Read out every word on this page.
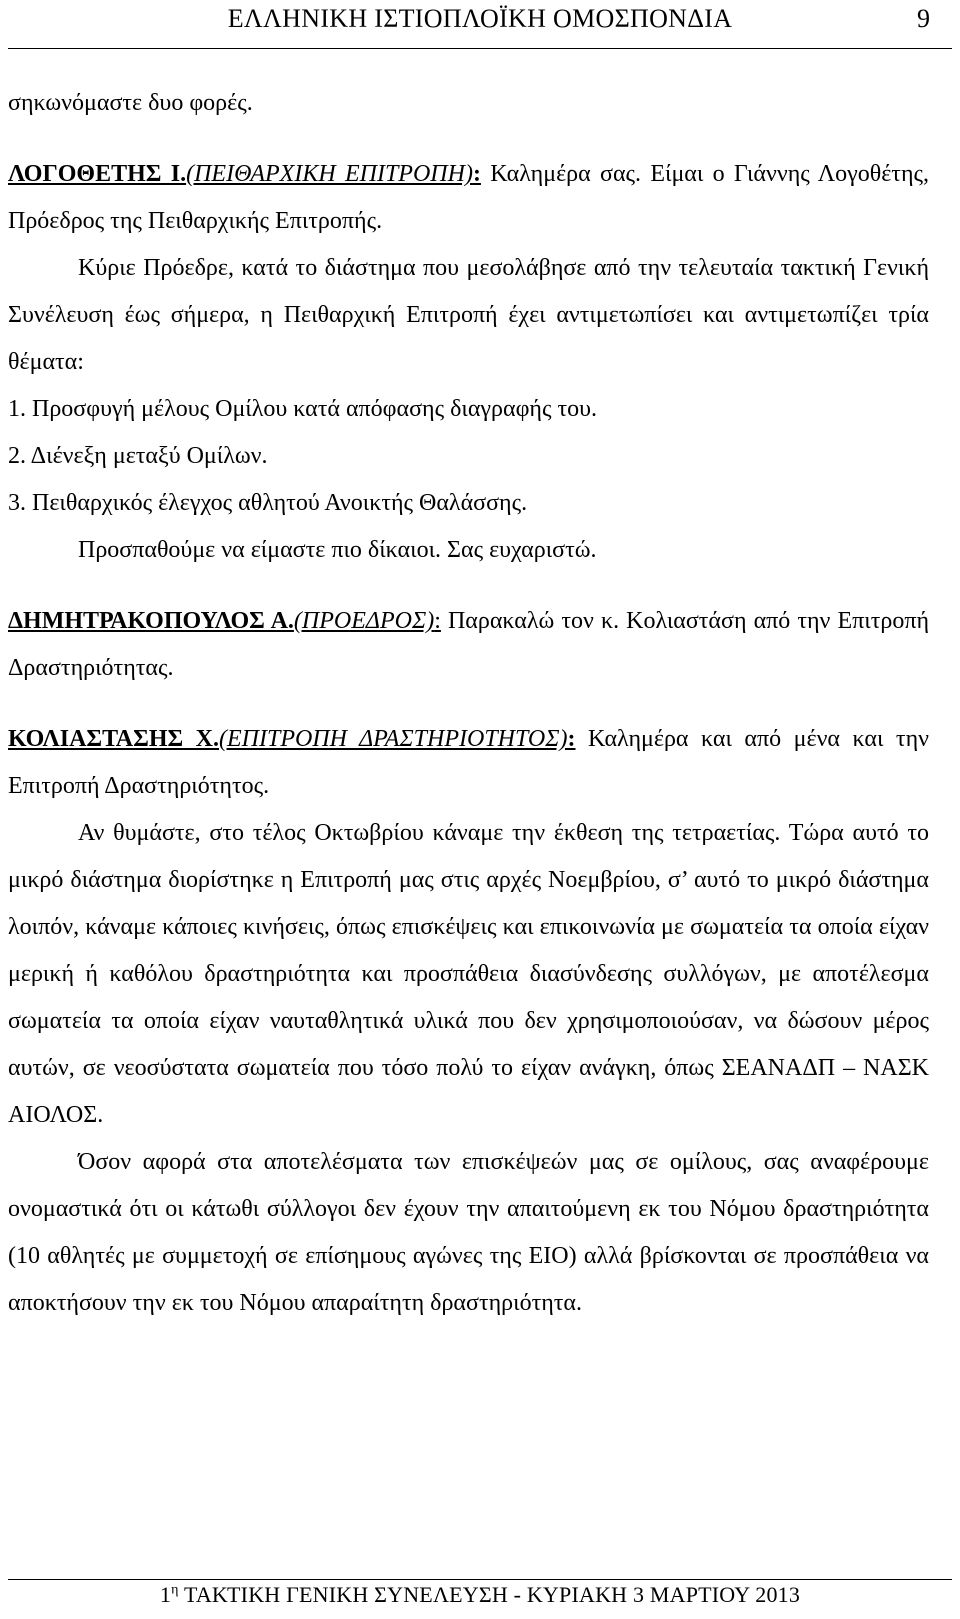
ΕΛΛΗΝΙΚΗ ΙΣΤΙΟΠΛΟΪΚΗ ΟΜΟΣΠΟΝΔΙΑ	9

σηκωνόμαστε δυο φορές.

ΛΟΓΟΘΕΤΗΣ Ι.(ΠΕΙΘΑΡΧΙΚΗ ΕΠΙΤΡΟΠΗ): Καλημέρα σας. Είμαι ο Γιάννης Λογοθέτης, Πρόεδρος της Πειθαρχικής Επιτροπής.

Κύριε Πρόεδρε, κατά το διάστημα που μεσολάβησε από την τελευταία τακτική Γενική Συνέλευση έως σήμερα, η Πειθαρχική Επιτροπή έχει αντιμετωπίσει και αντιμετωπίζει τρία θέματα:

1. Προσφυγή μέλους Ομίλου κατά απόφασης διαγραφής του.

2. Διένεξη μεταξύ Ομίλων.

3. Πειθαρχικός έλεγχος αθλητού Ανοικτής Θαλάσσης.

Προσπαθούμε να είμαστε πιο δίκαιοι. Σας ευχαριστώ.

ΔΗΜΗΤΡΑΚΟΠΟΥΛΟΣ Α.(ΠΡΟΕΔΡΟΣ): Παρακαλώ τον κ. Κολιαστάση από την Επιτροπή Δραστηριότητας.

ΚΟΛΙΑΣΤΑΣΗΣ Χ.(ΕΠΙΤΡΟΠΗ ΔΡΑΣΤΗΡΙΟΤΗΤΟΣ): Καλημέρα και από μένα και την Επιτροπή Δραστηριότητος.

Αν θυμάστε, στο τέλος Οκτωβρίου κάναμε την έκθεση της τετραετίας. Τώρα αυτό το μικρό διάστημα διορίστηκε η Επιτροπή μας στις αρχές Νοεμβρίου, σ’ αυτό το μικρό διάστημα λοιπόν, κάναμε κάποιες κινήσεις, όπως επισκέψεις και επικοινωνία με σωματεία τα οποία είχαν μερική ή καθόλου δραστηριότητα και προσπάθεια διασύνδεσης συλλόγων, με αποτέλεσμα σωματεία τα οποία είχαν ναυταθλητικά υλικά που δεν χρησιμοποιούσαν, να δώσουν μέρος αυτών, σε νεοσύστατα σωματεία που τόσο πολύ το είχαν ανάγκη, όπως ΣΕΑΝΑΔΠ – ΝΑΣΚ ΑΙΟΛΟΣ.

Όσον αφορά στα αποτελέσματα των επισκέψεών μας σε ομίλους, σας αναφέρουμε ονομαστικά ότι οι κάτωθι σύλλογοι δεν έχουν την απαιτούμενη εκ του Νόμου δραστηριότητα (10 αθλητές με συμμετοχή σε επίσημους αγώνες της ΕΙΟ) αλλά βρίσκονται σε προσπάθεια να αποκτήσουν την εκ του Νόμου απαραίτητη δραστηριότητα.

$1^\eta$ ΤΑΚΤΙΚΗ ΓΕΝΙΚΗ ΣΥΝΕΛΕΥΣΗ - ΚΥΡΙΑΚΗ 3 ΜΑΡΤΙΟΥ 2013
